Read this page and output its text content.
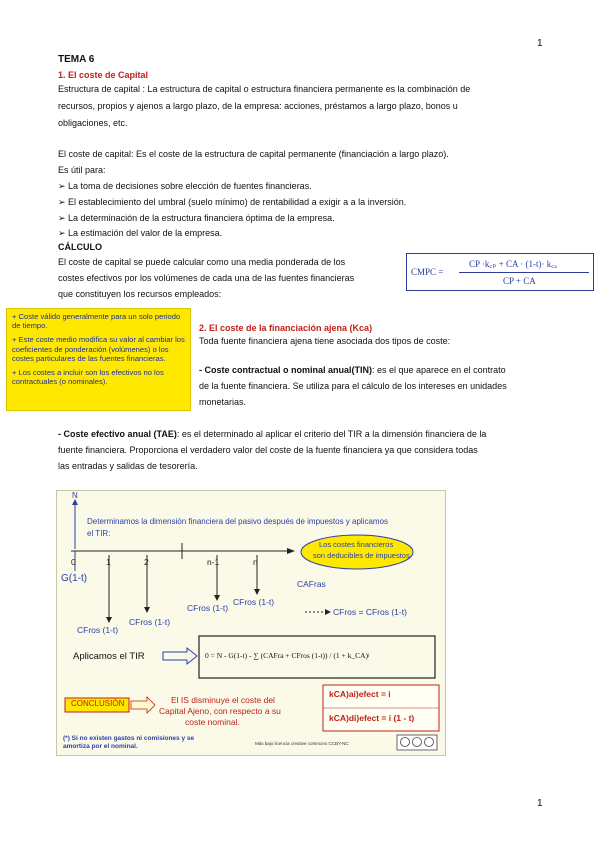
1
1
TEMA 6
1. El coste de Capital
Estructura de capital : La estructura de capital o estructura financiera permanente es la combinación de
recursos, propios y ajenos a largo plazo, de la empresa: acciones, préstamos a largo plazo, bonos u
obligaciones, etc.
El coste de capital: Es el coste de la estructura de capital permanente (financiación a largo plazo).
Es útil para:
➢ La toma de decisiones sobre elección de fuentes financieras.
➢ El establecimiento del umbral (suelo mínimo) de rentabilidad a exigir a a la inversión.
➢ La determinación de la estructura financiera óptima de la empresa.
➢ La estimación del valor de la empresa.
CÁLCULO
El coste de capital se puede calcular como una media ponderada de los
costes efectivos por los volúmenes de cada una de las fuentes financieras
que constituyen los recursos empleados:
CMPC =
CP ·k꜀ₚ + CA · (1-t)· k꜀ₐ
CP + CA

+ Coste válido generalmente para un solo periodo de tiempo.

+ Este coste medio modifica su valor al cambiar los coeficientes de ponderación (volúmenes) o los costes particulares de las fuentes financieras.

+ Los costes a incluir son los efectivos no los contractuales (o nominales).

2. El coste de la financiación ajena (Kca)
Toda fuente financiera ajena tiene asociada dos tipos de coste:
- Coste contractual o nominal anual(TIN): es el que aparece en el contrato
de la fuente financiera. Se utiliza para el cálculo de los intereses en unidades
monetarias.
- Coste efectivo anual (TAE): es el determinado al aplicar el criterio del TIR a la dimensión financiera de la
fuente financiera. Proporciona el verdadero valor del coste de la fuente financiera ya que considera todas
las entradas y salidas de tesorería.
N
Determinamos la dimensión financiera del pasivo después de impuestos y aplicamos
el TIR:
0	1	2	n-1	n
Los costes financieros
son deducibles de impuestos
G(1-t)	CAFras
CFros (1-t)
CFros (1-t)
CFros = CFros (1-t)
CFros (1-t)
CFros (1-t)
Aplicamos el TIR	0 = N - G(1-t) - ∑ (CAFra + CFros (1-t)) / (1 + k_CA)ʲ
CONCLUSIÓN	El IS disminuye el coste del
Capital Ajeno, con respecto a su
coste nominal.
kCA)ai)efect = i
kCA)di)efect = i (1 - t)
(*) Si no existen gastos ni comisiones y se
amortiza por el nominal.	Más bajo licencia creative commons CCBY-NC
